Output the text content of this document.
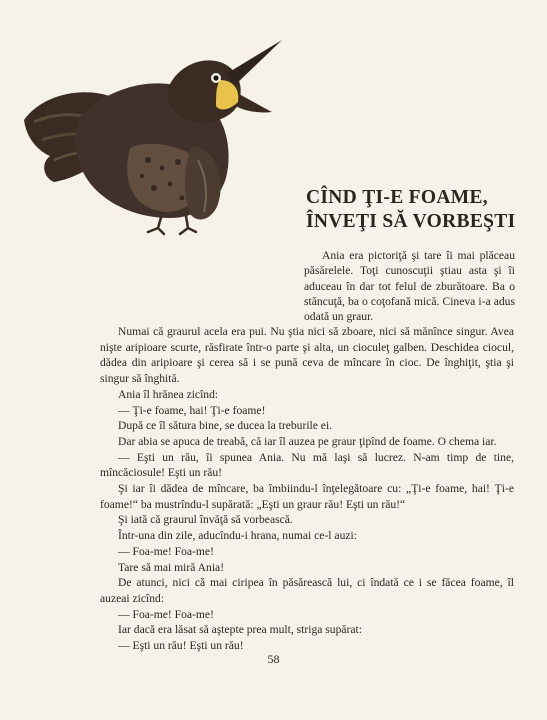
CÎND ŢI-E FOAME,
ÎNVEŢI SĂ VORBEŞTI

Ania era pictoriţă şi tare îi mai plăceau păsărelele. Toţi cunoscuţii ştiau asta şi îi aduceau în dar tot felul de zburătoare. Ba o stăncuţă, ba o coţofană mică. Cineva i-a adus odată un graur.

Numai că graurul acela era pui. Nu ştia nici să zboare, nici să mănînce singur. Avea nişte aripioare scurte, răsfirate într-o parte şi alta, un cioculeţ galben. Deschidea ciocul, dădea din aripioare şi cerea să i se pună ceva de mîncare în cioc. De înghiţit, ştia şi singur să înghită.

Ania îl hrănea zicînd:

— Ţi-e foame, hai! Ţi-e foame!

După ce îl sătura bine, se ducea la treburile ei.

Dar abia se apuca de treabă, că iar îl auzea pe graur ţipînd de foame. O chema iar.

— Eşti un rău, îi spunea Ania. Nu mă laşi să lucrez. N-am timp de tine, mîncăciosule! Eşti un rău!

Şi iar îi dădea de mîncare, ba îmbiindu-l înţelegătoare cu: „Ţi-e foame, hai! Ţi-e foame!“ ba mustrîndu-l supărată: „Eşti un graur rău! Eşti un rău!“

Şi iată că graurul învăţă să vorbească.

Într-una din zile, aducîndu-i hrana, numai ce-l auzi:

— Foa-me! Foa-me!

Tare să mai miră Ania!

De atunci, nici că mai ciripea în păsărească lui, ci îndată ce i se făcea foame, îl auzeai zicînd:

— Foa-me! Foa-me!

Iar dacă era lăsat să aştepte prea mult, striga supărat:

— Eşti un rău! Eşti un rău!

58
